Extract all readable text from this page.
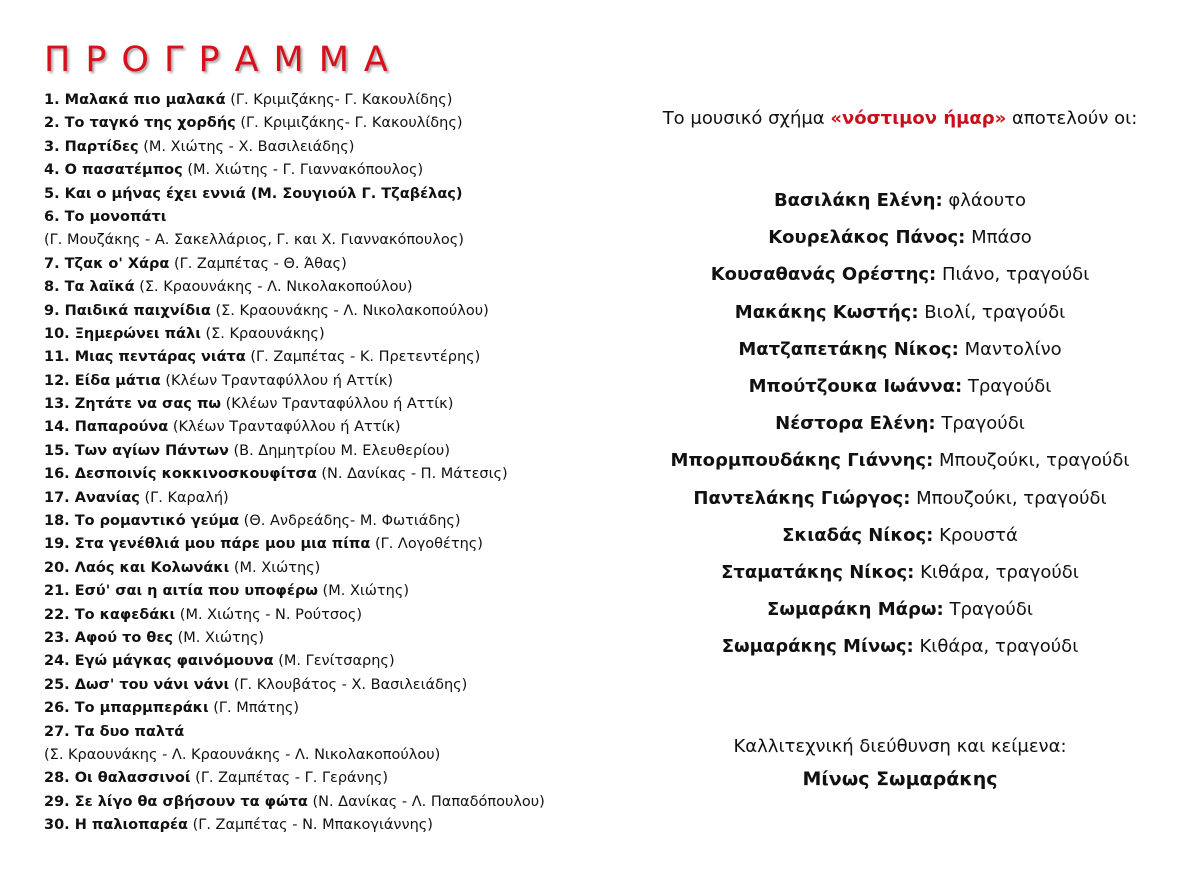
ΠΡΟΓΡΑΜΜΑ
1. Μαλακά πιο μαλακά (Γ. Κριμιζάκης- Γ. Κακουλίδης)
2. Το ταγκό της χορδής (Γ. Κριμιζάκης- Γ. Κακουλίδης)
3. Παρτίδες (Μ. Χιώτης - Χ. Βασιλειάδης)
4. Ο πασατέμπος (Μ. Χιώτης - Γ. Γιαννακόπουλος)
5. Και ο μήνας έχει εννιά (Μ. Σουγιούλ Γ. Τζαβέλας)
6. Το μονοπάτι
(Γ. Μουζάκης - Α. Σακελλάριος, Γ. και Χ. Γιαννακόπουλος)
7. Τζακ ο' Χάρα (Γ. Ζαμπέτας - Θ. Άθας)
8. Τα λαϊκά (Σ. Κραουνάκης - Λ. Νικολακοπούλου)
9. Παιδικά παιχνίδια (Σ. Κραουνάκης - Λ. Νικολακοπούλου)
10. Ξημερώνει πάλι (Σ. Κραουνάκης)
11. Μιας πεντάρας νιάτα (Γ. Ζαμπέτας - Κ. Πρετεντέρης)
12. Είδα μάτια (Κλέων Τρανταφύλλου ή Αττίκ)
13. Ζητάτε να σας πω (Κλέων Τρανταφύλλου ή Αττίκ)
14. Παπαρούνα (Κλέων Τρανταφύλλου ή Αττίκ)
15. Των αγίων Πάντων (Β. Δημητρίου Μ. Ελευθερίου)
16. Δεσποινίς κοκκινοσκουφίτσα (Ν. Δανίκας - Π. Μάτεσις)
17. Ανανίας (Γ. Καραλή)
18. Το ρομαντικό γεύμα (Θ. Ανδρεάδης- Μ. Φωτιάδης)
19. Στα γενέθλιά μου πάρε μου μια πίπα (Γ. Λογοθέτης)
20. Λαός και Κολωνάκι (Μ. Χιώτης)
21. Εσύ' σαι η αιτία που υποφέρω (Μ. Χιώτης)
22. Το καφεδάκι (Μ. Χιώτης - Ν. Ρούτσος)
23. Αφού το θες (Μ. Χιώτης)
24. Εγώ μάγκας φαινόμουνα (Μ. Γενίτσαρης)
25. Δωσ' του νάνι νάνι (Γ. Κλουβάτος - Χ. Βασιλειάδης)
26. Το μπαρμπεράκι (Γ. Μπάτης)
27. Τα δυο παλτά
(Σ. Κραουνάκης - Λ. Κραουνάκης - Λ. Νικολακοπούλου)
28. Οι θαλασσινοί (Γ. Ζαμπέτας - Γ. Γεράνης)
29. Σε λίγο θα σβήσουν τα φώτα (Ν. Δανίκας - Λ. Παπαδόπουλου)
30. Η παλιοπαρέα (Γ. Ζαμπέτας - Ν. Μπακογιάννης)
Το μουσικό σχήμα «νόστιμον ήμαρ» αποτελούν οι:
Βασιλάκη Ελένη: φλάουτο
Κουρελάκος Πάνος: Μπάσο
Κουσαθανάς Ορέστης: Πιάνο, τραγούδι
Μακάκης Κωστής: Βιολί, τραγούδι
Ματζαπετάκης Νίκος: Μαντολίνο
Μπούτζουκα Ιωάννα: Τραγούδι
Νέστορα Ελένη: Τραγούδι
Μπορμπουδάκης Γιάννης: Μπουζούκι, τραγούδι
Παντελάκης Γιώργος: Μπουζούκι, τραγούδι
Σκιαδάς Νίκος: Κρουστά
Σταματάκης Νίκος: Κιθάρα, τραγούδι
Σωμαράκη Μάρω: Τραγούδι
Σωμαράκης Μίνως: Κιθάρα, τραγούδι
Καλλιτεχνική διεύθυνση και κείμενα:
Μίνως Σωμαράκης
